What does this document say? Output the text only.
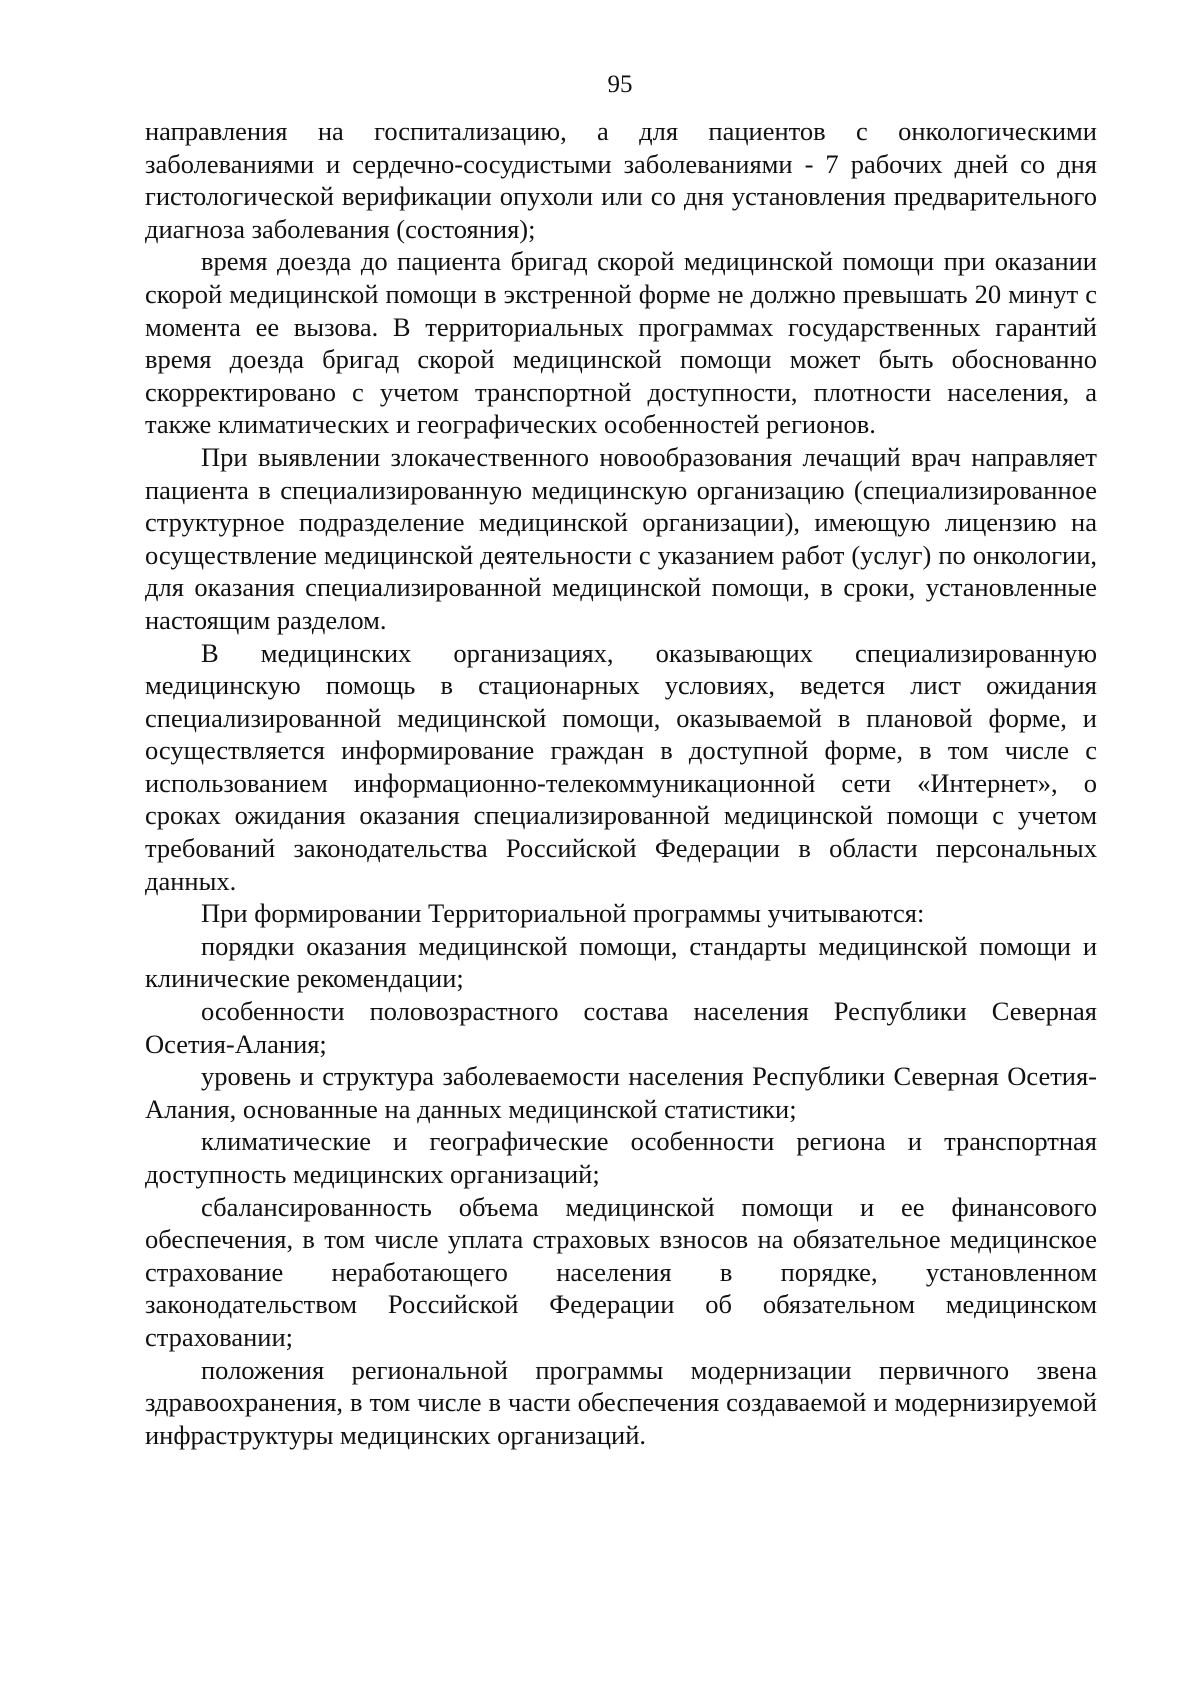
95

направления на госпитализацию, а для пациентов с онкологическими заболеваниями и сердечно-сосудистыми заболеваниями - 7 рабочих дней со дня гистологической верификации опухоли или со дня установления предварительного диагноза заболевания (состояния);

время доезда до пациента бригад скорой медицинской помощи при оказании скорой медицинской помощи в экстренной форме не должно превышать 20 минут с момента ее вызова. В территориальных программах государственных гарантий время доезда бригад скорой медицинской помощи может быть обоснованно скорректировано с учетом транспортной доступности, плотности населения, а также климатических и географических особенностей регионов.

При выявлении злокачественного новообразования лечащий врач направляет пациента в специализированную медицинскую организацию (специализированное структурное подразделение медицинской организации), имеющую лицензию на осуществление медицинской деятельности с указанием работ (услуг) по онкологии, для оказания специализированной медицинской помощи, в сроки, установленные настоящим разделом.

В медицинских организациях, оказывающих специализированную медицинскую помощь в стационарных условиях, ведется лист ожидания специализированной медицинской помощи, оказываемой в плановой форме, и осуществляется информирование граждан в доступной форме, в том числе с использованием информационно-телекоммуникационной сети «Интернет», о сроках ожидания оказания специализированной медицинской помощи с учетом требований законодательства Российской Федерации в области персональных данных.

При формировании Территориальной программы учитываются:

порядки оказания медицинской помощи, стандарты медицинской помощи и клинические рекомендации;

особенности половозрастного состава населения Республики Северная Осетия-Алания;

уровень и структура заболеваемости населения Республики Северная Осетия-Алания, основанные на данных медицинской статистики;

климатические и географические особенности региона и транспортная доступность медицинских организаций;

сбалансированность объема медицинской помощи и ее финансового обеспечения, в том числе уплата страховых взносов на обязательное медицинское страхование неработающего населения в порядке, установленном законодательством Российской Федерации об обязательном медицинском страховании;

положения региональной программы модернизации первичного звена здравоохранения, в том числе в части обеспечения создаваемой и модернизируемой инфраструктуры медицинских организаций.
